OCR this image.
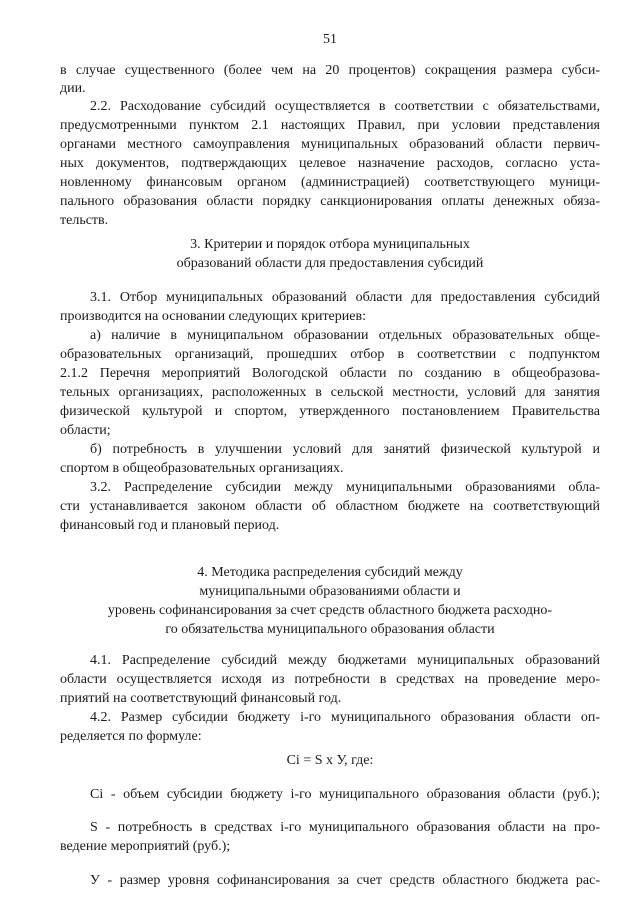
51
в случае существенного (более чем на 20 процентов) сокращения размера субси-
дии.
2.2. Расходование субсидий осуществляется в соответствии с обязательствами,
предусмотренными пунктом 2.1 настоящих Правил, при условии представления
органами местного самоуправления муниципальных образований области первич-
ных документов, подтверждающих целевое назначение расходов, согласно уста-
новленному финансовым органом (администрацией) соответствующего муници-
пального образования области порядку санкционирования оплаты денежных обяза-
тельств.
3. Критерии и порядок отбора муниципальных
образований области для предоставления субсидий
3.1. Отбор муниципальных образований области для предоставления субсидий
производится на основании следующих критериев:
а) наличие в муниципальном образовании отдельных образовательных обще-
образовательных организаций, прошедших отбор в соответствии с подпунктом
2.1.2 Перечня мероприятий Вологодской области по созданию в общеобразова-
тельных организациях, расположенных в сельской местности, условий для занятия
физической культурой и спортом, утвержденного постановлением Правительства
области;
б) потребность в улучшении условий для занятий физической культурой и
спортом в общеобразовательных организациях.
3.2. Распределение субсидии между муниципальными образованиями обла-
сти устанавливается законом области об областном бюджете на соответствующий
финансовый год и плановый период.
4. Методика распределения субсидий между
муниципальными образованиями области и
уровень софинансирования за счет средств областного бюджета расходно-
го обязательства муниципального образования области
4.1. Распределение субсидий между бюджетами муниципальных образований
области осуществляется исходя из потребности в средствах на проведение меро-
приятий на соответствующий финансовый год.
4.2. Размер субсидии бюджету i-го муниципального образования области оп-
ределяется по формуле:
Ci = S x У, где:
Ci - объем субсидии бюджету i-го муниципального образования области (руб.);
S - потребность в средствах i-го муниципального образования области на про-
ведение мероприятий (руб.);
У - размер уровня софинансирования за счет средств областного бюджета рас-
